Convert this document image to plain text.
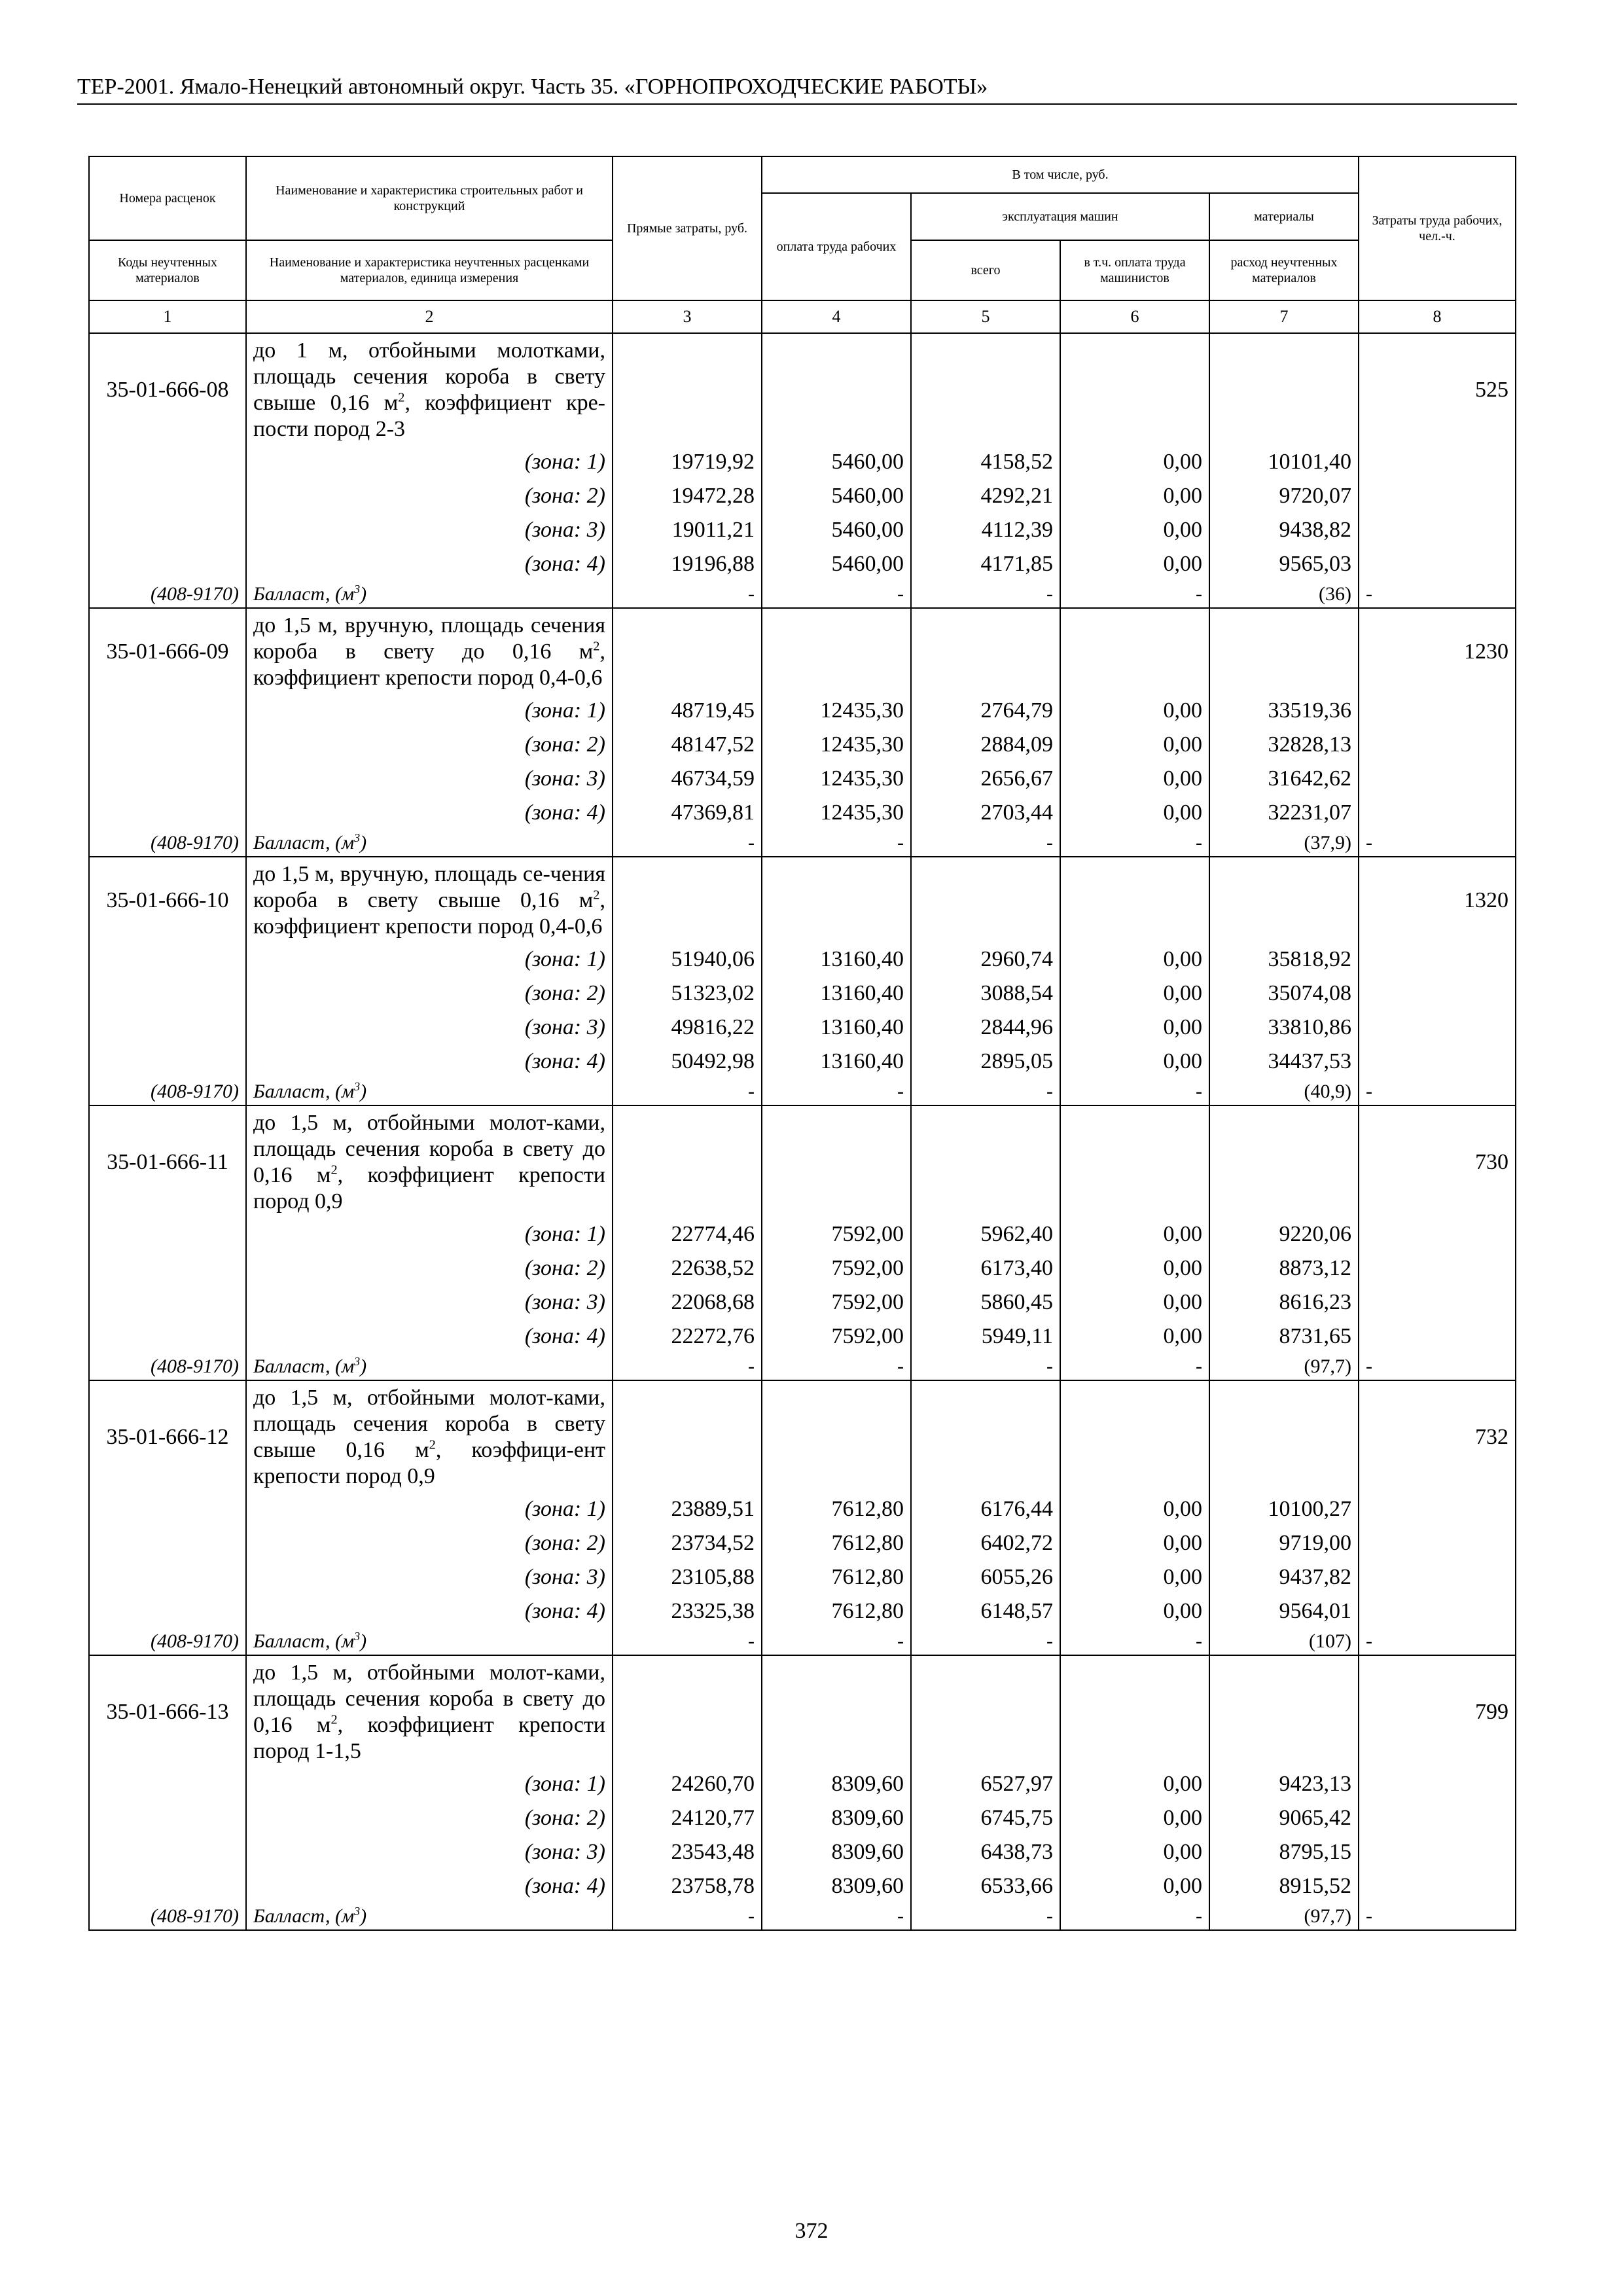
ТЕР-2001. Ямало-Ненецкий автономный округ. Часть 35. «ГОРНОПРОХОДЧЕСКИЕ РАБОТЫ»
Номера расценок	Наименование и характеристика строительных работ и конструкций	Прямые затраты, руб.	В том числе, руб.				Затраты труда рабочих, чел.-ч.
			оплата труда рабочих	эксплуатация машин		материалы	
Коды неучтенных материалов	Наименование и характеристика неучтенных расценками материалов, единица измерения			всего	в т.ч. оплата труда машинистов	расход неучтенных материалов	
1	2	3	4	5	6	7	8
35-01-666-08	до 1 м, отбойными молотками, площадь сечения короба в свету свыше 0,16 $м^2$, коэффициент кре-пости пород 2-3						525
	(зона: 1)	19719,92	5460,00	4158,52	0,00	10101,40	
	(зона: 2)	19472,28	5460,00	4292,21	0,00	9720,07	
	(зона: 3)	19011,21	5460,00	4112,39	0,00	9438,82	
	(зона: 4)	19196,88	5460,00	4171,85	0,00	9565,03	
(408-9170)	Балласт, $(м^3)$	-	-	-	-	(36)	-
35-01-666-09	до 1,5 м, вручную, площадь сечения короба в свету до 0,16 $м^2$, коэффициент крепости пород 0,4-0,6						1230
	(зона: 1)	48719,45	12435,30	2764,79	0,00	33519,36	
	(зона: 2)	48147,52	12435,30	2884,09	0,00	32828,13	
	(зона: 3)	46734,59	12435,30	2656,67	0,00	31642,62	
	(зона: 4)	47369,81	12435,30	2703,44	0,00	32231,07	
(408-9170)	Балласт, $(м^3)$	-	-	-	-	(37,9)	-
35-01-666-10	до 1,5 м, вручную, площадь се-чения короба в свету свыше 0,16 $м^2$, коэффициент крепости пород 0,4-0,6						1320
	(зона: 1)	51940,06	13160,40	2960,74	0,00	35818,92	
	(зона: 2)	51323,02	13160,40	3088,54	0,00	35074,08	
	(зона: 3)	49816,22	13160,40	2844,96	0,00	33810,86	
	(зона: 4)	50492,98	13160,40	2895,05	0,00	34437,53	
(408-9170)	Балласт, $(м^3)$	-	-	-	-	(40,9)	-
35-01-666-11	до 1,5 м, отбойными молот-ками, площадь сечения короба в свету до 0,16 $м^2$, коэффициент крепости пород 0,9						730
	(зона: 1)	22774,46	7592,00	5962,40	0,00	9220,06	
	(зона: 2)	22638,52	7592,00	6173,40	0,00	8873,12	
	(зона: 3)	22068,68	7592,00	5860,45	0,00	8616,23	
	(зона: 4)	22272,76	7592,00	5949,11	0,00	8731,65	
(408-9170)	Балласт, $(м^3)$	-	-	-	-	(97,7)	-
35-01-666-12	до 1,5 м, отбойными молот-ками, площадь сечения короба в свету свыше 0,16 $м^2$, коэффици-ент крепости пород 0,9						732
	(зона: 1)	23889,51	7612,80	6176,44	0,00	10100,27	
	(зона: 2)	23734,52	7612,80	6402,72	0,00	9719,00	
	(зона: 3)	23105,88	7612,80	6055,26	0,00	9437,82	
	(зона: 4)	23325,38	7612,80	6148,57	0,00	9564,01	
(408-9170)	Балласт, $(м^3)$	-	-	-	-	(107)	-
35-01-666-13	до 1,5 м, отбойными молот-ками, площадь сечения короба в свету до 0,16 $м^2$, коэффициент крепости пород 1-1,5						799
	(зона: 1)	24260,70	8309,60	6527,97	0,00	9423,13	
	(зона: 2)	24120,77	8309,60	6745,75	0,00	9065,42	
	(зона: 3)	23543,48	8309,60	6438,73	0,00	8795,15	
	(зона: 4)	23758,78	8309,60	6533,66	0,00	8915,52	
(408-9170)	Балласт, $(м^3)$	-	-	-	-	(97,7)	-
372
